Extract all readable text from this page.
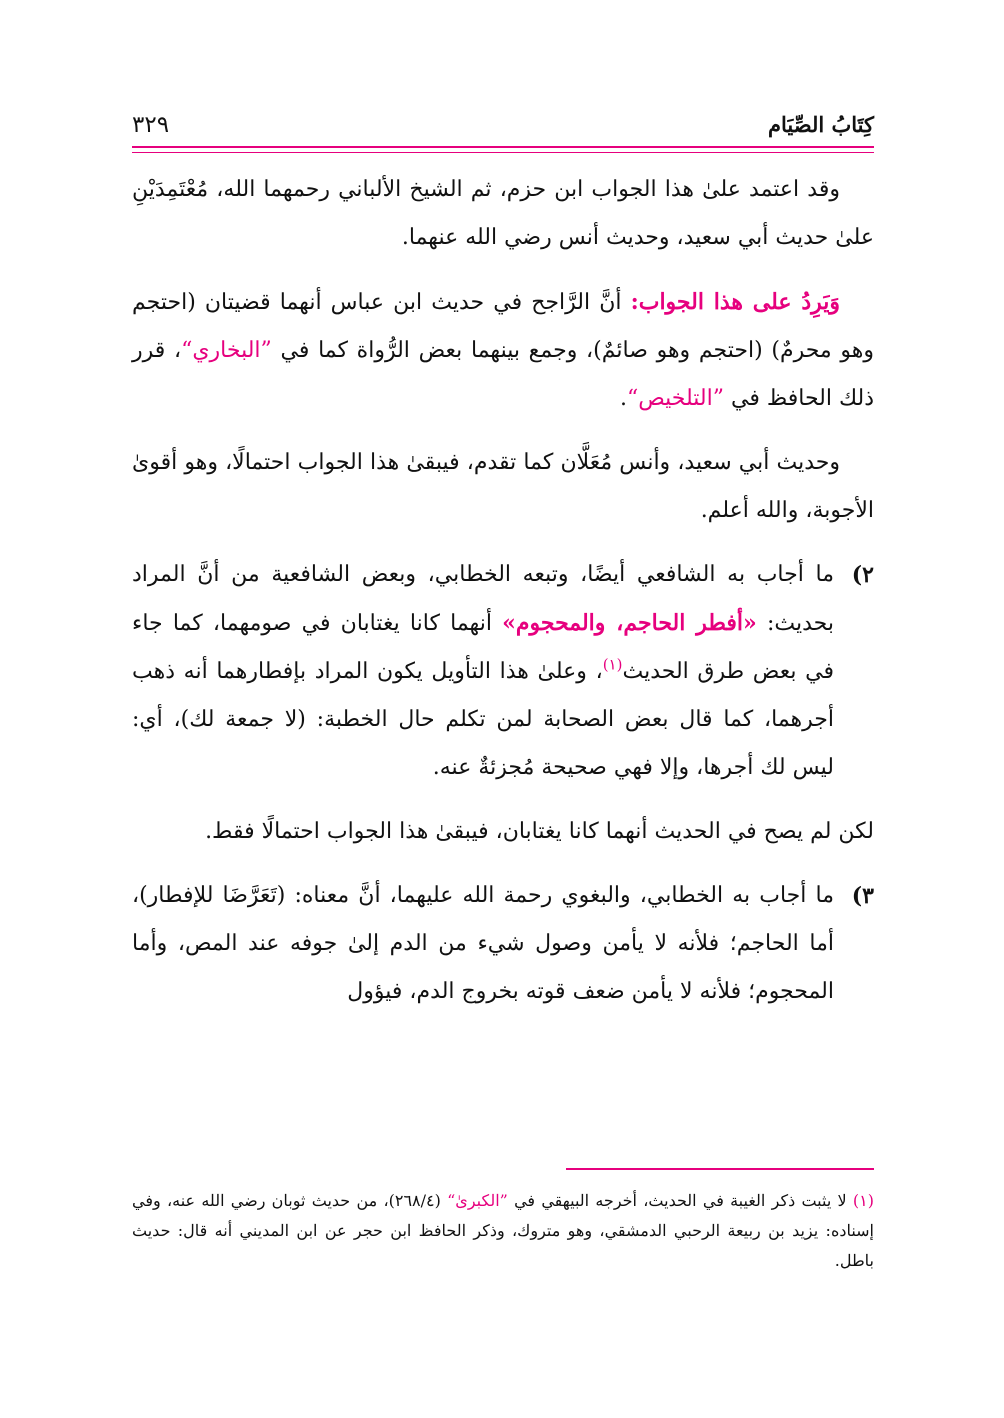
كِتَابُ الصِّيَام
٣٢٩

وقد اعتمد علىٰ هذا الجواب ابن حزم، ثم الشيخ الألباني رحمهما الله، مُعْتَمِدَيْنِ علىٰ حديث أبي سعيد، وحديث أنس رضي الله عنهما.

وَيَرِدُ على هذا الجواب: أنَّ الرَّاجح في حديث ابن عباس أنهما قضيتان (احتجم وهو محرمٌ) (احتجم وهو صائمٌ)، وجمع بينهما بعض الرُّواة كما في ”البخاري“، قرر ذلك الحافظ في ”التلخيص“.

وحديث أبي سعيد، وأنس مُعَلَّان كما تقدم، فيبقىٰ هذا الجواب احتمالًا، وهو أقوىٰ الأجوبة، والله أعلم.

٢)
ما أجاب به الشافعي أيضًا، وتبعه الخطابي، وبعض الشافعية من أنَّ المراد بحديث: «أفطر الحاجم، والمحجوم» أنهما كانا يغتابان في صومهما، كما جاء في بعض طرق الحديث$^{(١)}$، وعلىٰ هذا التأويل يكون المراد بإفطارهما أنه ذهب أجرهما، كما قال بعض الصحابة لمن تكلم حال الخطبة: (لا جمعة لك)، أي: ليس لك أجرها، وإلا فهي صحيحة مُجزئةٌ عنه.

لكن لم يصح في الحديث أنهما كانا يغتابان، فيبقىٰ هذا الجواب احتمالًا فقط.

٣)
ما أجاب به الخطابي، والبغوي رحمة الله عليهما، أنَّ معناه: (تَعَرَّضَا للإفطار)، أما الحاجم؛ فلأنه لا يأمن وصول شيء من الدم إلىٰ جوفه عند المص، وأما المحجوم؛ فلأنه لا يأمن ضعف قوته بخروج الدم، فيؤول

(١) لا يثبت ذكر الغيبة في الحديث، أخرجه البيهقي في ”الكبرىٰ“ (٢٦٨/٤)، من حديث ثوبان رضي الله عنه، وفي إسناده: يزيد بن ربيعة الرحبي الدمشقي، وهو متروك، وذكر الحافظ ابن حجر عن ابن المديني أنه قال: حديث باطل.
